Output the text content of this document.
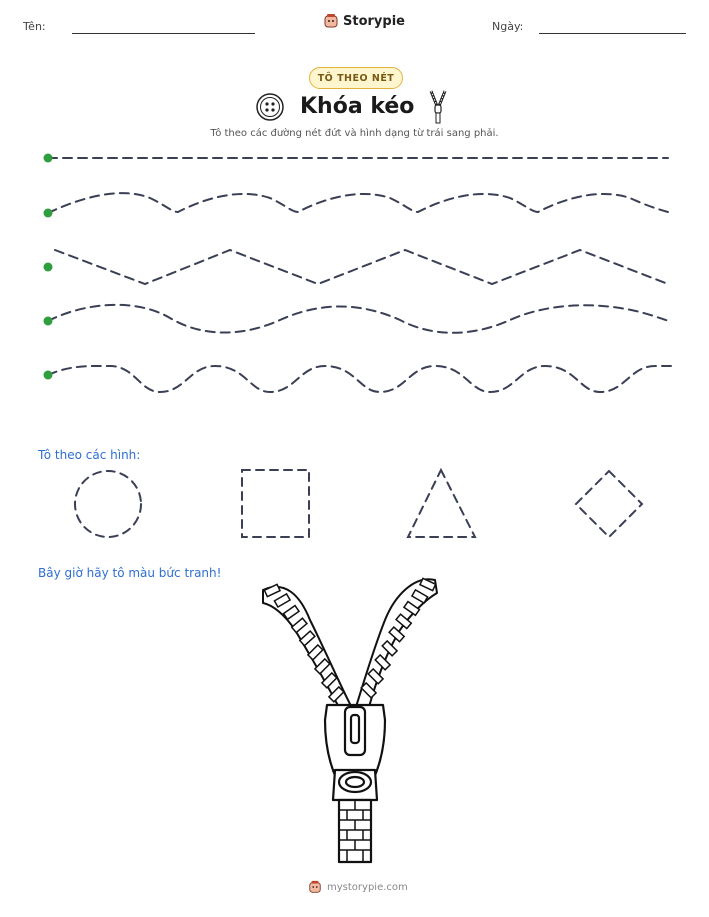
Tên:	Storypie	Ngày:
TÔ THEO NÉT
Khóa kéo
Tô theo các đường nét đứt và hình dạng từ trái sang phải.
Tô theo các hình:
Bây giờ hãy tô màu bức tranh!
mystorypie.com
